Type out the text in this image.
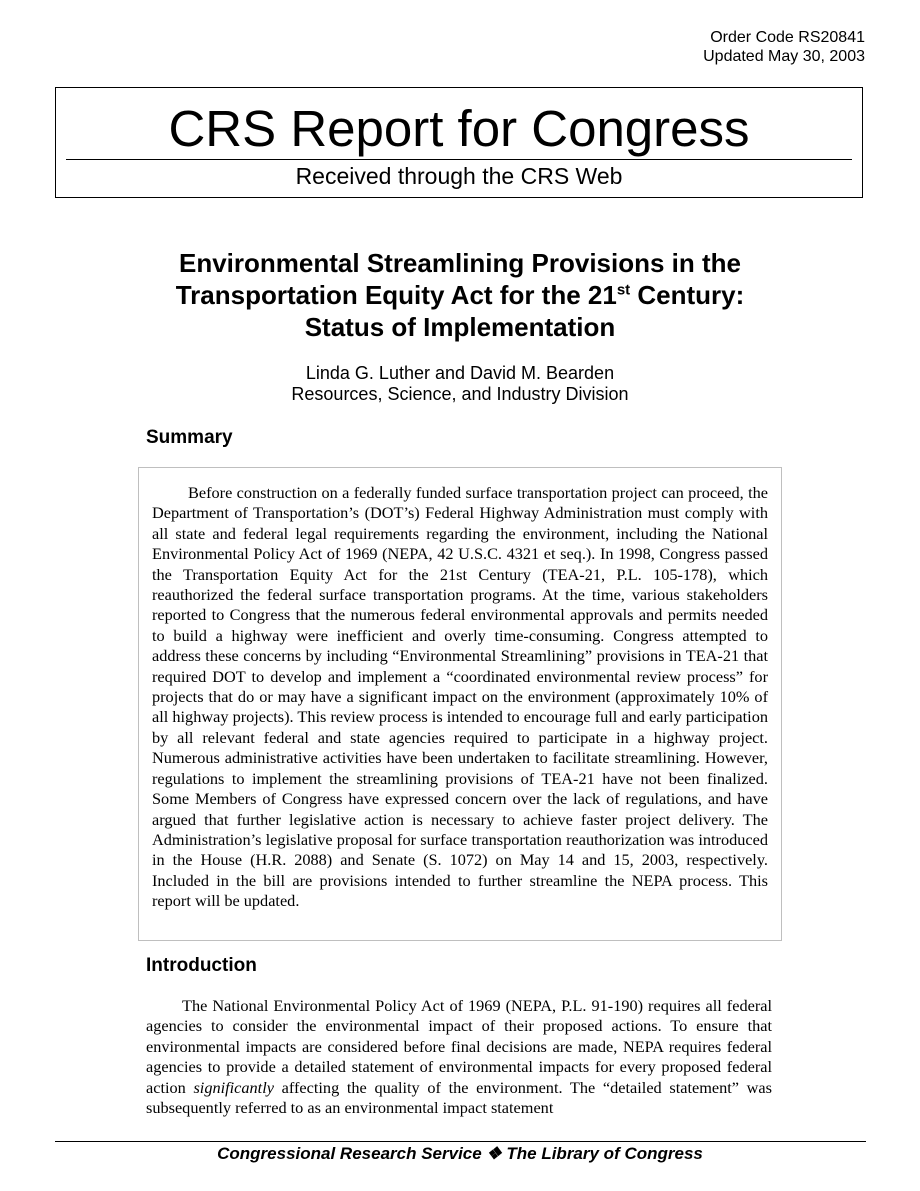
Order Code RS20841
Updated May 30, 2003
CRS Report for Congress
Received through the CRS Web
Environmental Streamlining Provisions in the
Transportation Equity Act for the 21st Century:
Status of Implementation
Linda G. Luther and David M. Bearden
Resources, Science, and Industry Division
Summary

Before construction on a federally funded surface transportation project can proceed, the Department of Transportation’s (DOT’s) Federal Highway Administration must comply with all state and federal legal requirements regarding the environment, including the National Environmental Policy Act of 1969 (NEPA, 42 U.S.C. 4321 et seq.). In 1998, Congress passed the Transportation Equity Act for the 21st Century (TEA-21, P.L. 105-178), which reauthorized the federal surface transportation programs. At the time, various stakeholders reported to Congress that the numerous federal environmental approvals and permits needed to build a highway were inefficient and overly time-consuming. Congress attempted to address these concerns by including “Environmental Streamlining” provisions in TEA-21 that required DOT to develop and implement a “coordinated environmental review process” for projects that do or may have a significant impact on the environment (approximately 10% of all highway projects). This review process is intended to encourage full and early participation by all relevant federal and state agencies required to participate in a highway project. Numerous administrative activities have been undertaken to facilitate streamlining. However, regulations to implement the streamlining provisions of TEA-21 have not been finalized. Some Members of Congress have expressed concern over the lack of regulations, and have argued that further legislative action is necessary to achieve faster project delivery. The Administration’s legislative proposal for surface transportation reauthorization was introduced in the House (H.R. 2088) and Senate (S. 1072) on May 14 and 15, 2003, respectively. Included in the bill are provisions intended to further streamline the NEPA process. This report will be updated.

Introduction

The National Environmental Policy Act of 1969 (NEPA, P.L. 91-190) requires all federal agencies to consider the environmental impact of their proposed actions. To ensure that environmental impacts are considered before final decisions are made, NEPA requires federal agencies to provide a detailed statement of environmental impacts for every proposed federal action significantly affecting the quality of the environment. The “detailed statement” was subsequently referred to as an environmental impact statement

Congressional Research Service ❖ The Library of Congress
